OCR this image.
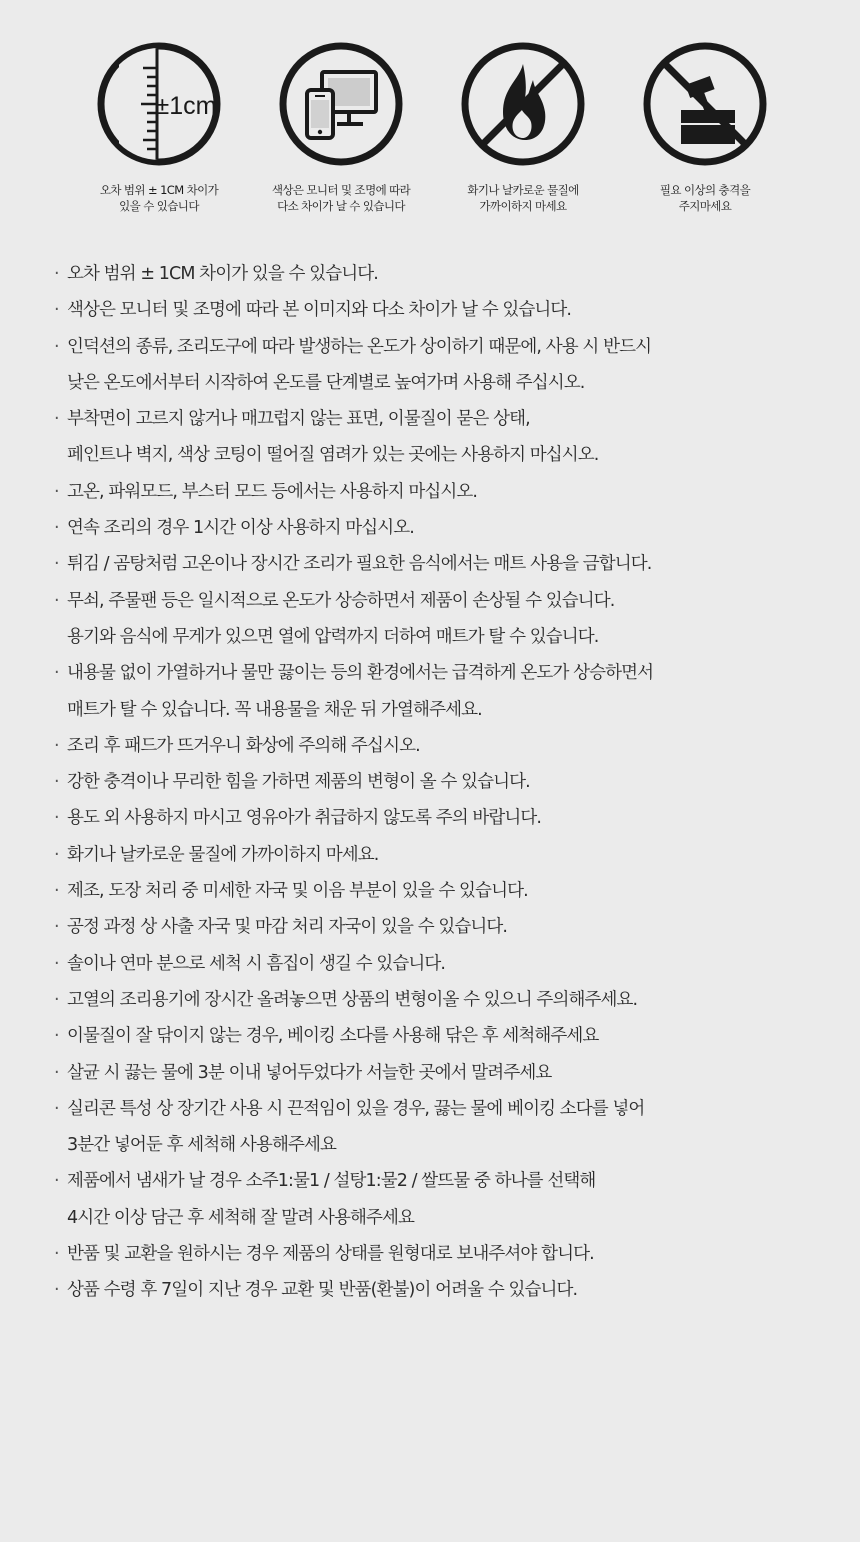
±1cm
오차 범위 ± 1CM 차이가
있을 수 있습니다
색상은 모니터 및 조명에 따라
다소 차이가 날 수 있습니다
화기나 날카로운 물질에
가까이하지 마세요
필요 이상의 충격을
주지마세요
· 오차 범위 ± 1CM 차이가 있을 수 있습니다.
· 색상은 모니터 및 조명에 따라 본 이미지와 다소 차이가 날 수 있습니다.
· 인덕션의 종류, 조리도구에 따라 발생하는 온도가 상이하기 때문에, 사용 시 반드시
낮은 온도에서부터 시작하여 온도를 단계별로 높여가며 사용해 주십시오.
· 부착면이 고르지 않거나 매끄럽지 않는 표면, 이물질이 묻은 상태,
페인트나 벽지, 색상 코팅이 떨어질 염려가 있는 곳에는 사용하지 마십시오.
· 고온, 파워모드, 부스터 모드 등에서는 사용하지 마십시오.
· 연속 조리의 경우 1시간 이상 사용하지 마십시오.
· 튀김 / 곰탕처럼 고온이나 장시간 조리가 필요한 음식에서는 매트 사용을 금합니다.
· 무쇠, 주물팬 등은 일시적으로 온도가 상승하면서 제품이 손상될 수 있습니다.
용기와 음식에 무게가 있으면 열에 압력까지 더하여 매트가 탈 수 있습니다.
· 내용물 없이 가열하거나 물만 끓이는 등의 환경에서는 급격하게 온도가 상승하면서
매트가 탈 수 있습니다. 꼭 내용물을 채운 뒤 가열해주세요.
· 조리 후 패드가 뜨거우니 화상에 주의해 주십시오.
· 강한 충격이나 무리한 힘을 가하면 제품의 변형이 올 수 있습니다.
· 용도 외 사용하지 마시고 영유아가 취급하지 않도록 주의 바랍니다.
· 화기나 날카로운 물질에 가까이하지 마세요.
· 제조, 도장 처리 중 미세한 자국 및 이음 부분이 있을 수 있습니다.
· 공정 과정 상 사출 자국 및 마감 처리 자국이 있을 수 있습니다.
· 솔이나 연마 분으로 세척 시 흠집이 생길 수 있습니다.
· 고열의 조리용기에 장시간 올려놓으면 상품의 변형이올 수 있으니 주의해주세요.
· 이물질이 잘 닦이지 않는 경우, 베이킹 소다를 사용해 닦은 후 세척해주세요
· 살균 시 끓는 물에 3분 이내 넣어두었다가 서늘한 곳에서 말려주세요
· 실리콘 특성 상 장기간 사용 시 끈적임이 있을 경우, 끓는 물에 베이킹 소다를 넣어
3분간 넣어둔 후 세척해 사용해주세요
· 제품에서 냄새가 날 경우 소주1:물1 / 설탕1:물2 / 쌀뜨물 중 하나를 선택해
4시간 이상 담근 후 세척해 잘 말려 사용해주세요
· 반품 및 교환을 원하시는 경우 제품의 상태를 원형대로 보내주셔야 합니다.
· 상품 수령 후 7일이 지난 경우 교환 및 반품(환불)이 어려울 수 있습니다.
